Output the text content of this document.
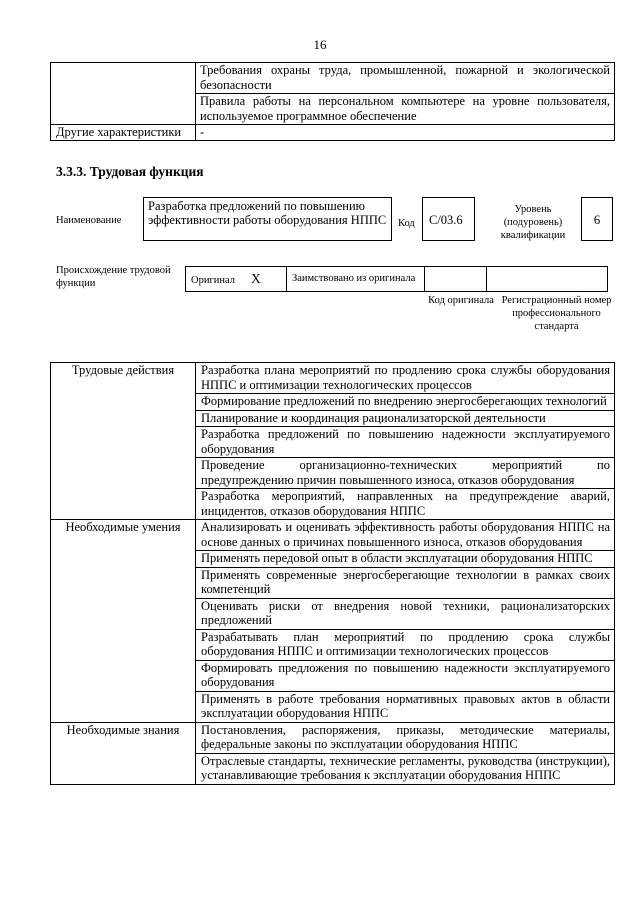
16
	Требования охраны труда, промышленной, пожарной и экологической безопасности
	Правила работы на персональном компьютере на уровне пользователя, используемое программное обеспечение
Другие характеристики	-
3.3.3. Трудовая функция
Наименование
Разработка предложений по повышению эффективности работы оборудования НППС	Код	C/03.6
Уровень (подуровень) квалификации
6
Происхождение трудовой функции	Оригинал X	Заимствовано из оригинала		
Код оригинала Регистрационный номер профессионального стандарта
Трудовые действия	Разработка плана мероприятий по продлению срока службы оборудования НППС и оптимизации технологических процессов
	Формирование предложений по внедрению энергосберегающих технологий
	Планирование и координация рационализаторской деятельности
	Разработка предложений по повышению надежности эксплуатируемого оборудования
	Проведение организационно-технических мероприятий по предупреждению причин повышенного износа, отказов оборудования
	Разработка мероприятий, направленных на предупреждение аварий, инцидентов, отказов оборудования НППС
Необходимые умения	Анализировать и оценивать эффективность работы оборудования НППС на основе данных о причинах повышенного износа, отказов оборудования
	Применять передовой опыт в области эксплуатации оборудования НППС
	Применять современные энергосберегающие технологии в рамках своих компетенций
	Оценивать риски от внедрения новой техники, рационализаторских предложений
	Разрабатывать план мероприятий по продлению срока службы оборудования НППС и оптимизации технологических процессов
	Формировать предложения по повышению надежности эксплуатируемого оборудования
	Применять в работе требования нормативных правовых актов в области эксплуатации оборудования НППС
Необходимые знания	Постановления, распоряжения, приказы, методические материалы, федеральные законы по эксплуатации оборудования НППС
	Отраслевые стандарты, технические регламенты, руководства (инструкции), устанавливающие требования к эксплуатации оборудования НППС
